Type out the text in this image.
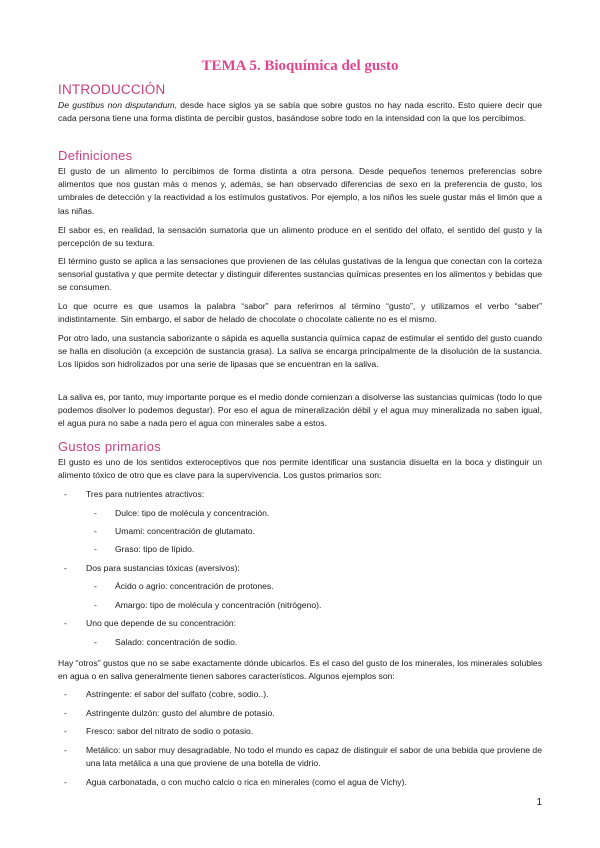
TEMA 5. Bioquímica del gusto
INTRODUCCIÓN
De gustibus non disputandum, desde hace siglos ya se sabía que sobre gustos no hay nada escrito. Esto quiere decir que cada persona tiene una forma distinta de percibir gustos, basándose sobre todo en la intensidad con la que los percibimos.
Definiciones
El gusto de un alimento lo percibimos de forma distinta a otra persona. Desde pequeños tenemos preferencias sobre alimentos que nos gustan más o menos y, además, se han observado diferencias de sexo en la preferencia de gusto, los umbrales de detección y la reactividad a los estímulos gustativos. Por ejemplo, a los niños les suele gustar más el limón que a las niñas.
El sabor es, en realidad, la sensación sumatoria que un alimento produce en el sentido del olfato, el sentido del gusto y la percepción de su textura.
El término gusto se aplica a las sensaciones que provienen de las células gustativas de la lengua que conectan con la corteza sensorial gustativa y que permite detectar y distinguir diferentes sustancias químicas presentes en los alimentos y bebidas que se consumen.
Lo que ocurre es que usamos la palabra “sabor” para referirnos al término “gusto”, y utilizamos el verbo “saber” indistintamente. Sin embargo, el sabor de helado de chocolate o chocolate caliente no es el mismo.
Por otro lado, una sustancia saborizante o sápida es aquella sustancia química capaz de estimular el sentido del gusto cuando se halla en disolución (a excepción de sustancia grasa). La saliva se encarga principalmente de la disolución de la sustancia. Los lípidos son hidrolizados por una serie de lipasas que se encuentran en la saliva.
La saliva es, por tanto, muy importante porque es el medio donde comienzan a disolverse las sustancias químicas (todo lo que podemos disolver lo podemos degustar). Por eso el agua de mineralización débil y el agua muy mineralizada no saben igual, el agua pura no sabe a nada pero el agua con minerales sabe a estos.
Gustos primarios
El gusto es uno de los sentidos exteroceptivos que nos permite identificar una sustancia disuelta en la boca y distinguir un alimento tóxico de otro que es clave para la supervivencia. Los gustos primarios son:
- Tres para nutrientes atractivos:
- Dulce: tipo de molécula y concentración.
- Umami: concentración de glutamato.
- Graso: tipo de lípido.
- Dos para sustancias tóxicas (aversivos):
- Ácido o agrio: concentración de protones.
- Amargo: tipo de molécula y concentración (nitrógeno).
- Uno que depende de su concentración:
- Salado: concentración de sodio.
Hay “otros” gustos que no se sabe exactamente dónde ubicarlos. Es el caso del gusto de los minerales, los minerales solubles en agua o en saliva generalmente tienen sabores característicos. Algunos ejemplos son:
- Astringente: el sabor del sulfato (cobre, sodio..).
- Astringente dulzón: gusto del alumbre de potasio.
- Fresco: sabor del nitrato de sodio o potasio.
- Metálico: un sabor muy desagradable. No todo el mundo es capaz de distinguir el sabor de una bebida que proviene de una lata metálica a una que proviene de una botella de vidrio.
- Agua carbonatada, o con mucho calcio o rica en minerales (como el agua de Vichy).
1
